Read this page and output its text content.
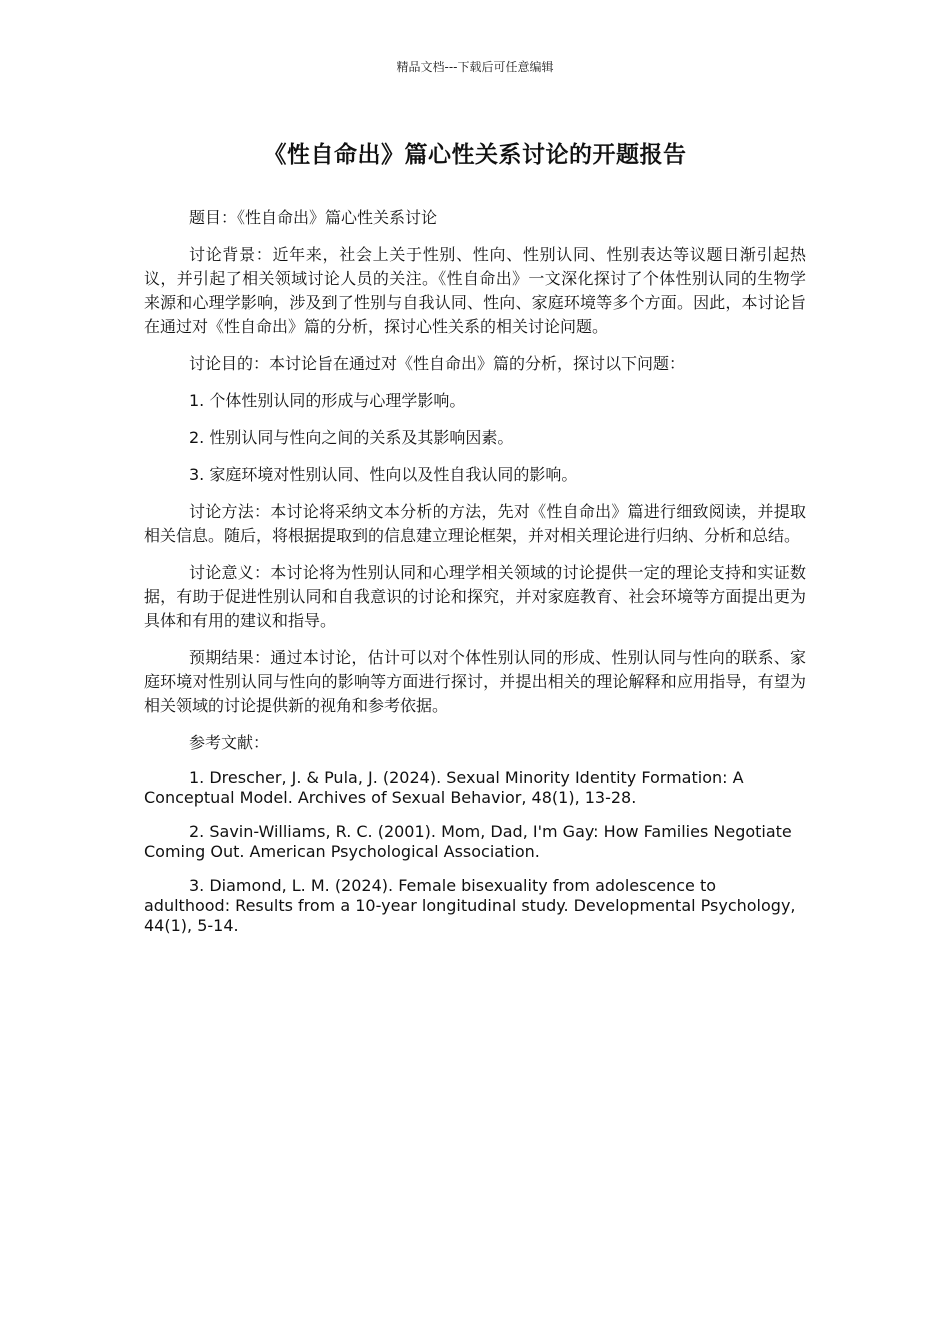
精品文档---下载后可任意编辑
《性自命出》篇心性关系讨论的开题报告

题目：《性自命出》篇心性关系讨论

讨论背景：近年来，社会上关于性别、性向、性别认同、性别表达等议题日渐引起热议，并引起了相关领域讨论人员的关注。《性自命出》一文深化探讨了个体性别认同的生物学来源和心理学影响，涉及到了性别与自我认同、性向、家庭环境等多个方面。因此，本讨论旨在通过对《性自命出》篇的分析，探讨心性关系的相关讨论问题。

讨论目的：本讨论旨在通过对《性自命出》篇的分析，探讨以下问题：

1. 个体性别认同的形成与心理学影响。

2. 性别认同与性向之间的关系及其影响因素。

3. 家庭环境对性别认同、性向以及性自我认同的影响。

讨论方法：本讨论将采纳文本分析的方法，先对《性自命出》篇进行细致阅读，并提取相关信息。随后，将根据提取到的信息建立理论框架，并对相关理论进行归纳、分析和总结。

讨论意义：本讨论将为性别认同和心理学相关领域的讨论提供一定的理论支持和实证数据，有助于促进性别认同和自我意识的讨论和探究，并对家庭教育、社会环境等方面提出更为具体和有用的建议和指导。

预期结果：通过本讨论，估计可以对个体性别认同的形成、性别认同与性向的联系、家庭环境对性别认同与性向的影响等方面进行探讨，并提出相关的理论解释和应用指导，有望为相关领域的讨论提供新的视角和参考依据。

参考文献：

1. Drescher, J. & Pula, J. (2024). Sexual Minority Identity Formation: A Conceptual Model. Archives of Sexual Behavior, 48(1), 13-28.

2. Savin-Williams, R. C. (2001). Mom, Dad, I'm Gay: How Families Negotiate Coming Out. American Psychological Association.

3. Diamond, L. M. (2024). Female bisexuality from adolescence to adulthood: Results from a 10-year longitudinal study. Developmental Psychology, 44(1), 5-14.
